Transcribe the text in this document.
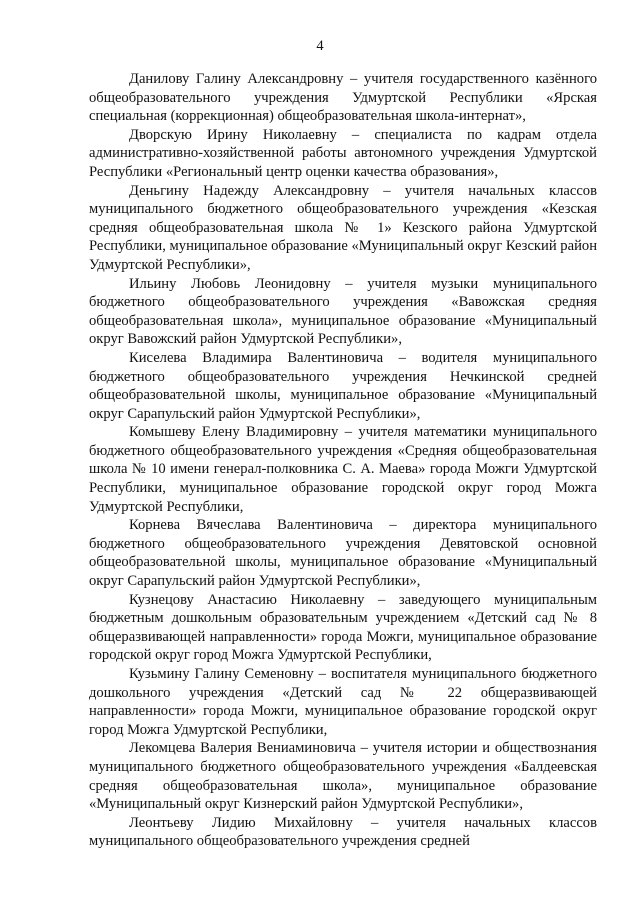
4

Данилову Галину Александровну – учителя государственного казённого общеобразовательного учреждения Удмуртской Республики «Ярская специальная (коррекционная) общеобразовательная школа-интернат»,

Дворскую Ирину Николаевну – специалиста по кадрам отдела административно-хозяйственной работы автономного учреждения Удмуртской Республики «Региональный центр оценки качества образования»,

Деньгину Надежду Александровну – учителя начальных классов муниципального бюджетного общеобразовательного учреждения «Кезская средняя общеобразовательная школа № 1» Кезского района Удмуртской Республики, муниципальное образование «Муниципальный округ Кезский район Удмуртской Республики»,

Ильину Любовь Леонидовну – учителя музыки муниципального бюджетного общеобразовательного учреждения «Вавожская средняя общеобразовательная школа», муниципальное образование «Муниципальный округ Вавожский район Удмуртской Республики»,

Киселева Владимира Валентиновича – водителя муниципального бюджетного общеобразовательного учреждения Нечкинской средней общеобразовательной школы, муниципальное образование «Муниципальный округ Сарапульский район Удмуртской Республики»,

Комышеву Елену Владимировну – учителя математики муниципального бюджетного общеобразовательного учреждения «Средняя общеобразовательная школа № 10 имени генерал-полковника С. А. Маева» города Можги Удмуртской Республики, муниципальное образование городской округ город Можга Удмуртской Республики,

Корнева Вячеслава Валентиновича – директора муниципального бюджетного общеобразовательного учреждения Девятовской основной общеобразовательной школы, муниципальное образование «Муниципальный округ Сарапульский район Удмуртской Республики»,

Кузнецову Анастасию Николаевну – заведующего муниципальным бюджетным дошкольным образовательным учреждением «Детский сад № 8 общеразвивающей направленности» города Можги, муниципальное образование городской округ город Можга Удмуртской Республики,

Кузьмину Галину Семеновну – воспитателя муниципального бюджетного дошкольного учреждения «Детский сад № 22 общеразвивающей направленности» города Можги, муниципальное образование городской округ город Можга Удмуртской Республики,

Лекомцева Валерия Вениаминовича – учителя истории и обществознания муниципального бюджетного общеобразовательного учреждения «Балдеевская средняя общеобразовательная школа», муниципальное образование «Муниципальный округ Кизнерский район Удмуртской Республики»,

Леонтьеву Лидию Михайловну – учителя начальных классов муниципального общеобразовательного учреждения средней
